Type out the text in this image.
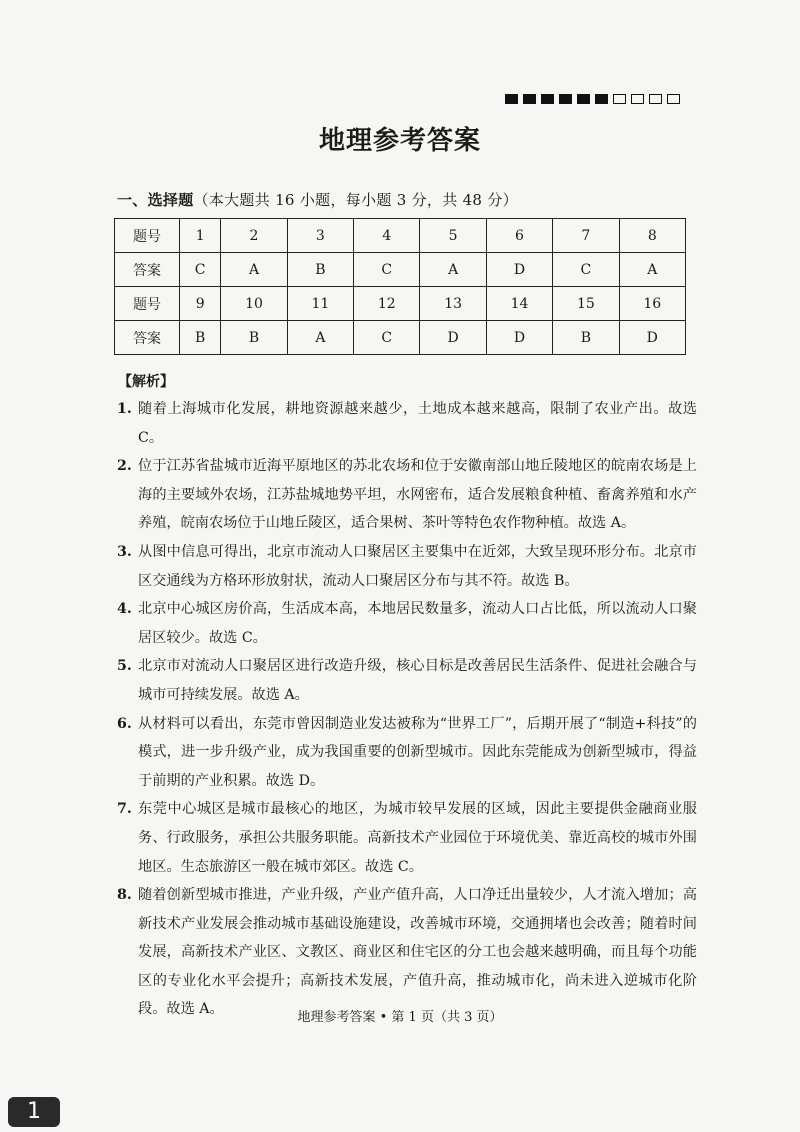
地理参考答案
一、选择题（本大题共 16 小题，每小题 3 分，共 48 分）
题号	1	2	3	4	5	6	7	8
答案	C	A	B	C	A	D	C	A
题号	9	10	11	12	13	14	15	16
答案	B	B	A	C	D	D	B	D
【解析】
1. 随着上海城市化发展，耕地资源越来越少，土地成本越来越高，限制了农业产出。故选 C。
2. 位于江苏省盐城市近海平原地区的苏北农场和位于安徽南部山地丘陵地区的皖南农场是上海的主要域外农场，江苏盐城地势平坦，水网密布，适合发展粮食种植、畜禽养殖和水产养殖，皖南农场位于山地丘陵区，适合果树、茶叶等特色农作物种植。故选 A。
3. 从图中信息可得出，北京市流动人口聚居区主要集中在近郊，大致呈现环形分布。北京市区交通线为方格环形放射状，流动人口聚居区分布与其不符。故选 B。
4. 北京中心城区房价高，生活成本高，本地居民数量多，流动人口占比低，所以流动人口聚居区较少。故选 C。
5. 北京市对流动人口聚居区进行改造升级，核心目标是改善居民生活条件、促进社会融合与城市可持续发展。故选 A。
6. 从材料可以看出，东莞市曾因制造业发达被称为“世界工厂”，后期开展了“制造+科技”的模式，进一步升级产业，成为我国重要的创新型城市。因此东莞能成为创新型城市，得益于前期的产业积累。故选 D。
7. 东莞中心城区是城市最核心的地区，为城市较早发展的区域，因此主要提供金融商业服务、行政服务，承担公共服务职能。高新技术产业园位于环境优美、靠近高校的城市外围地区。生态旅游区一般在城市郊区。故选 C。
8. 随着创新型城市推进，产业升级，产业产值升高，人口净迁出量较少，人才流入增加；高新技术产业发展会推动城市基础设施建设，改善城市环境，交通拥堵也会改善；随着时间发展，高新技术产业区、文教区、商业区和住宅区的分工也会越来越明确，而且每个功能区的专业化水平会提升；高新技术发展，产值升高，推动城市化，尚未进入逆城市化阶段。故选 A。
地理参考答案 • 第 1 页（共 3 页）
1
